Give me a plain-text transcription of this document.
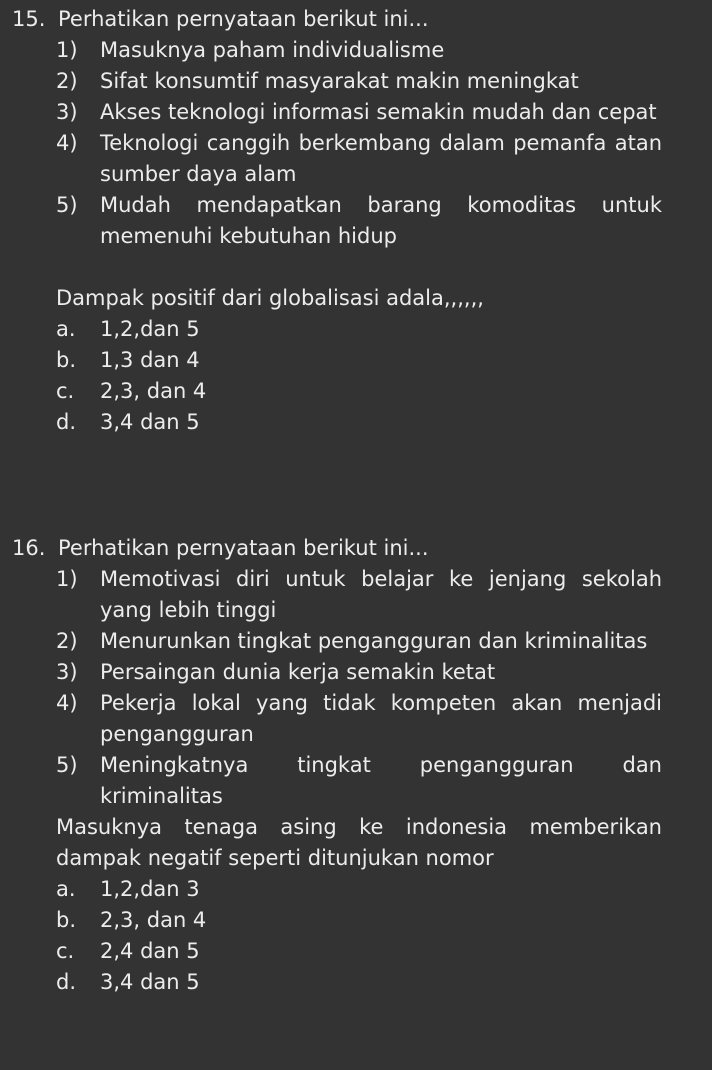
15. Perhatikan pernyataan berikut ini...
1) Masuknya paham individualisme
2) Sifat konsumtif masyarakat makin meningkat
3) Akses teknologi informasi semakin mudah dan cepat
4) Teknologi canggih berkembang dalam pemanfa atan sumber daya alam
5) Mudah mendapatkan barang komoditas untuk memenuhi kebutuhan hidup
Dampak positif dari globalisasi adala,,,,,,
a. 1,2,dan 5
b. 1,3 dan 4
c. 2,3, dan 4
d. 3,4 dan 5
16. Perhatikan pernyataan berikut ini...
1) Memotivasi diri untuk belajar ke jenjang sekolah yang lebih tinggi
2) Menurunkan tingkat pengangguran dan kriminalitas
3) Persaingan dunia kerja semakin ketat
4) Pekerja lokal yang tidak kompeten akan menjadi pengangguran
5) Meningkatnya tingkat pengangguran dan kriminalitas
Masuknya tenaga asing ke indonesia memberikan dampak negatif seperti ditunjukan nomor
a. 1,2,dan 3
b. 2,3, dan 4
c. 2,4 dan 5
d. 3,4 dan 5
